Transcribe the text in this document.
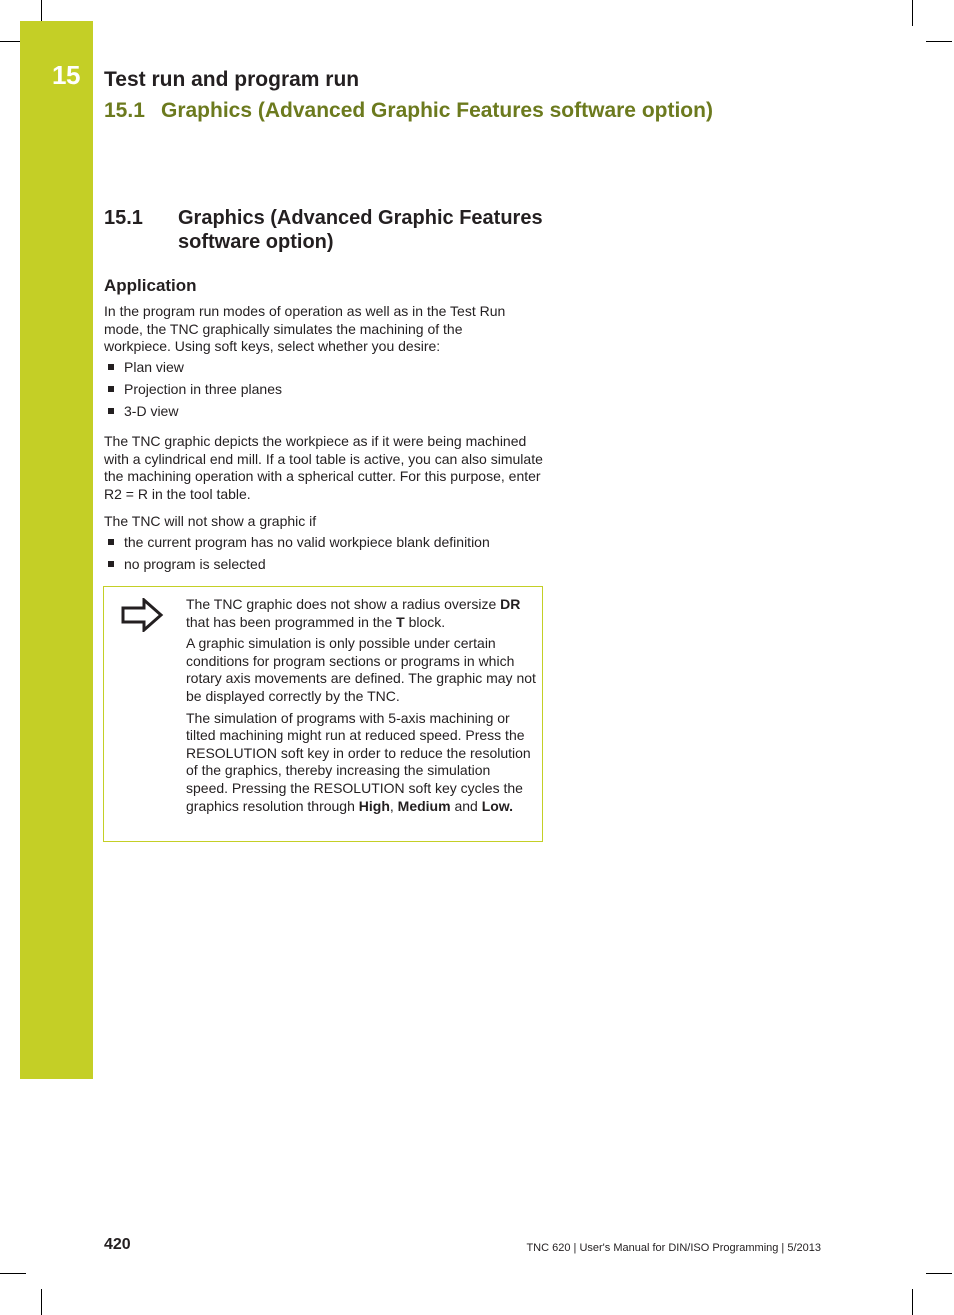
15 Test run and program run
15.1 Graphics (Advanced Graphic Features software option)
15.1 Graphics (Advanced Graphic Features software option)
Application

In the program run modes of operation as well as in the Test Run mode, the TNC graphically simulates the machining of the workpiece. Using soft keys, select whether you desire:

Plan view
Projection in three planes
3-D view

The TNC graphic depicts the workpiece as if it were being machined with a cylindrical end mill. If a tool table is active, you can also simulate the machining operation with a spherical cutter. For this purpose, enter R2 = R in the tool table.

The TNC will not show a graphic if

the current program has no valid workpiece blank definition
no program is selected

The TNC graphic does not show a radius oversize DR that has been programmed in the T block.

A graphic simulation is only possible under certain conditions for program sections or programs in which rotary axis movements are defined. The graphic may not be displayed correctly by the TNC.

The simulation of programs with 5-axis machining or tilted machining might run at reduced speed. Press the RESOLUTION soft key in order to reduce the resolution of the graphics, thereby increasing the simulation speed. Pressing the RESOLUTION soft key cycles the graphics resolution through High, Medium and Low.

420	TNC 620 | User's Manual for DIN/ISO Programming | 5/2013
